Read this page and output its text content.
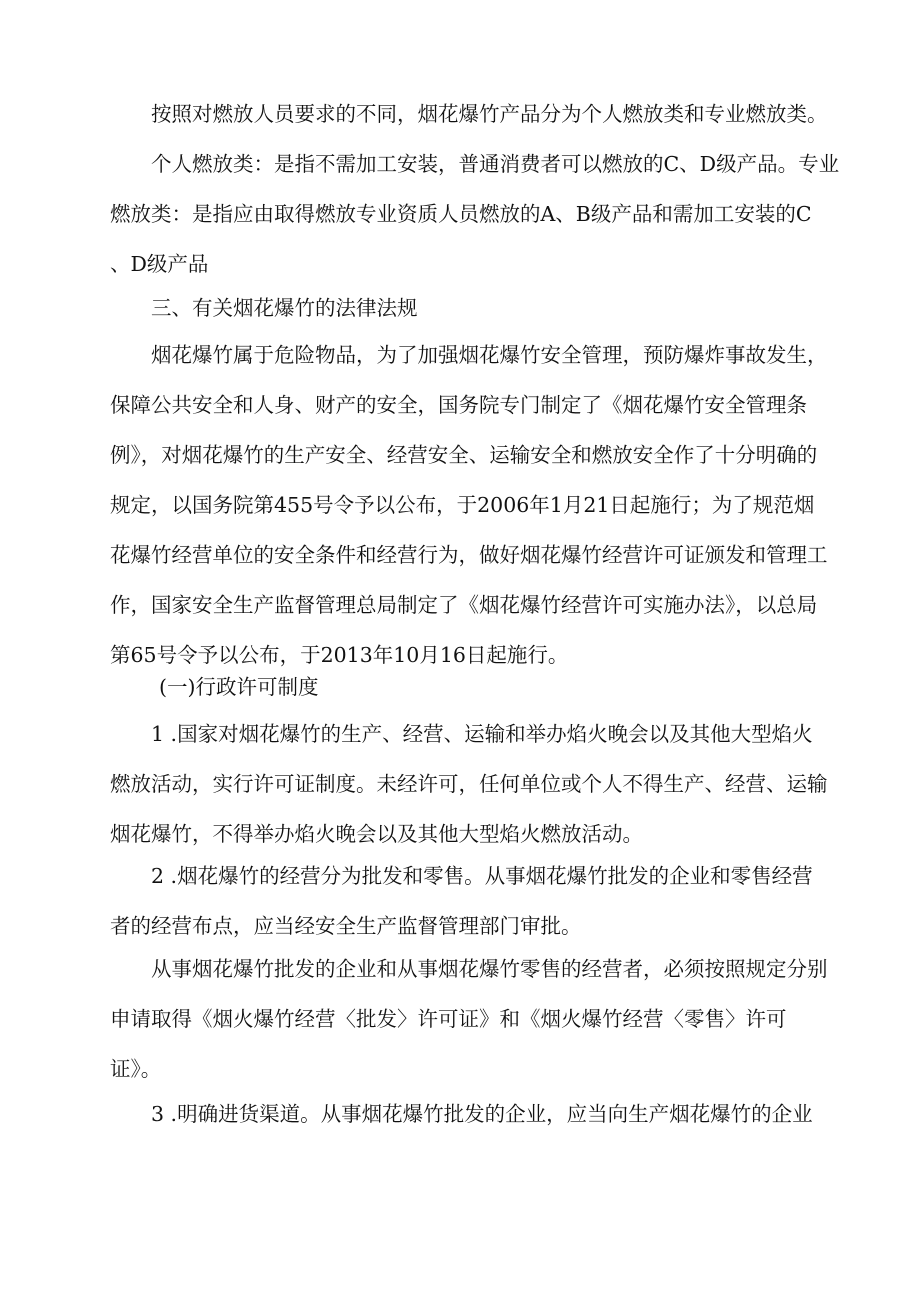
按照对燃放人员要求的不同，烟花爆竹产品分为个人燃放类和专业燃放类。
个人燃放类：是指不需加工安装，普通消费者可以燃放的C、D级产品。专业
燃放类：是指应由取得燃放专业资质人员燃放的A、B级产品和需加工安装的C
、D级产品
三、有关烟花爆竹的法律法规
烟花爆竹属于危险物品，为了加强烟花爆竹安全管理，预防爆炸事故发生，
保障公共安全和人身、财产的安全，国务院专门制定了《烟花爆竹安全管理条
例》，对烟花爆竹的生产安全、经营安全、运输安全和燃放安全作了十分明确的
规定，以国务院第455号令予以公布，于2006年1月21日起施行；为了规范烟
花爆竹经营单位的安全条件和经营行为，做好烟花爆竹经营许可证颁发和管理工
作，国家安全生产监督管理总局制定了《烟花爆竹经营许可实施办法》，以总局
第65号令予以公布，于2013年10月16日起施行。
(一)行政许可制度
1 .国家对烟花爆竹的生产、经营、运输和举办焰火晚会以及其他大型焰火
燃放活动，实行许可证制度。未经许可，任何单位或个人不得生产、经营、运输
烟花爆竹，不得举办焰火晚会以及其他大型焰火燃放活动。
2 .烟花爆竹的经营分为批发和零售。从事烟花爆竹批发的企业和零售经营
者的经营布点，应当经安全生产监督管理部门审批。
从事烟花爆竹批发的企业和从事烟花爆竹零售的经营者，必须按照规定分别
申请取得《烟火爆竹经营〈批发〉许可证》和《烟火爆竹经营〈零售〉许可
证》。
3 .明确进货渠道。从事烟花爆竹批发的企业，应当向生产烟花爆竹的企业
